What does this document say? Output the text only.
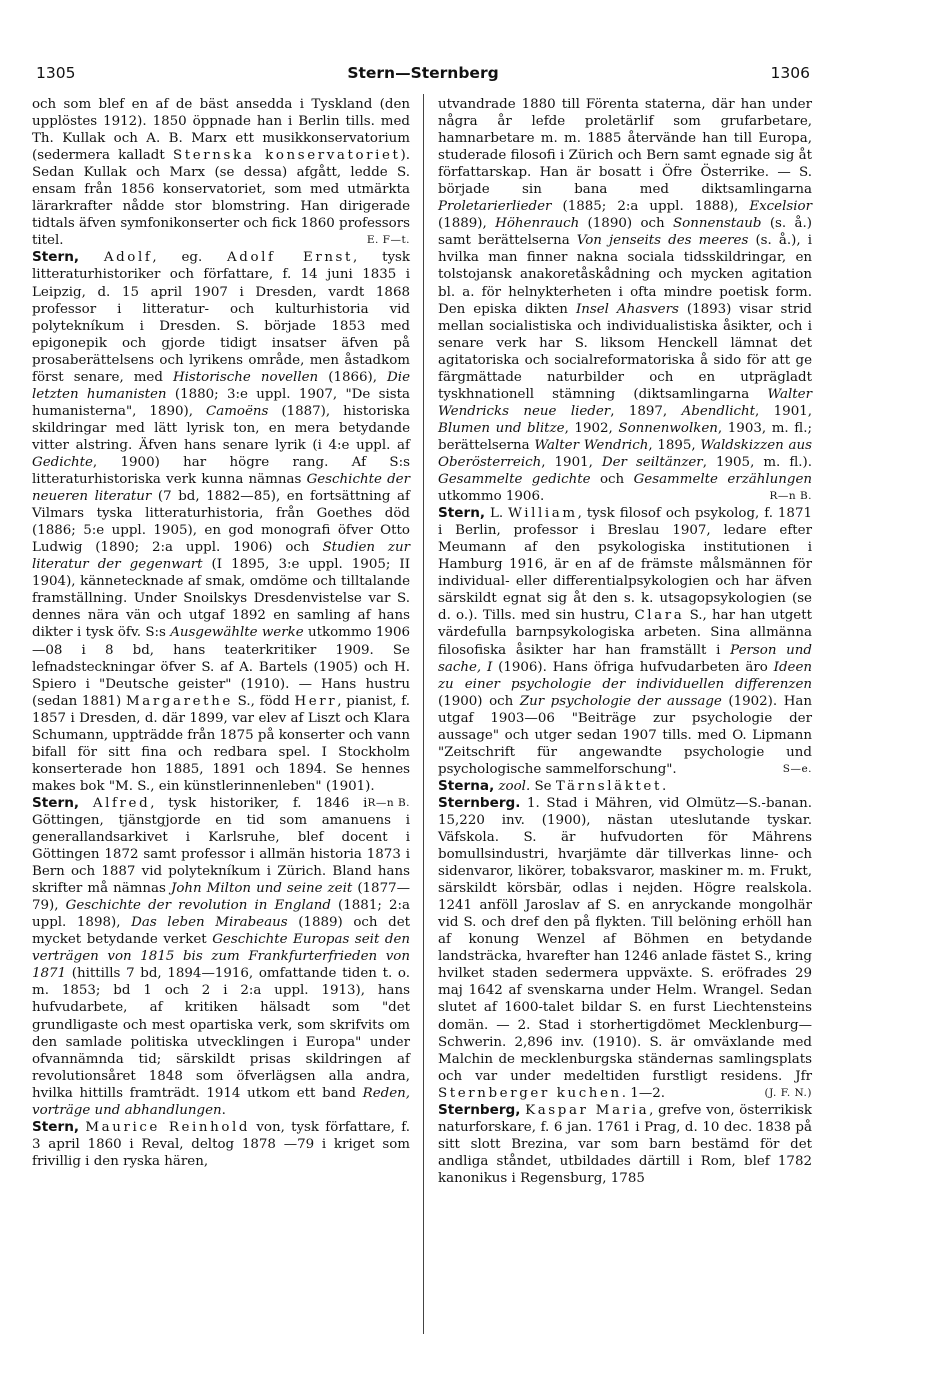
1305	Stern—Sternberg	1306

och som blef en af de bäst ansedda i Tyskland (den upplöstes 1912). 1850 öppnade han i Berlin tills. med Th. Kullak och A. B. Marx ett musikkonservatorium (sedermera kalladt Sternska konservatoriet). Sedan Kullak och Marx (se dessa) afgått, ledde S. ensam från 1856 konservatoriet, som med utmärkta lärarkrafter nådde stor blomstring. Han dirigerade tidtals äfven symfonikonserter och fick 1860 professors titel.	E. F—t.

Stern, Adolf, eg. Adolf Ernst, tysk litteraturhistoriker och författare, f. 14 juni 1835 i Leipzig, d. 15 april 1907 i Dresden, vardt 1868 professor i litteratur- och kulturhistoria vid polytekníkum i Dresden. S. började 1853 med epigonepik och gjorde tidigt insatser äfven på prosaberättelsens och lyrikens område, men åstadkom först senare, med Historische novellen (1866), Die letzten humanisten (1880; 3:e uppl. 1907, "De sista humanisterna", 1890), Camoëns (1887), historiska skildringar med lätt lyrisk ton, en mera betydande vitter alstring. Äfven hans senare lyrik (i 4:e uppl. af Gedichte, 1900) har högre rang. Af S:s litteraturhistoriska verk kunna nämnas Geschichte der neueren literatur (7 bd, 1882—85), en fortsättning af Vilmars tyska litteraturhistoria, från Goethes död (1886; 5:e uppl. 1905), en god monografi öfver Otto Ludwig (1890; 2:a uppl. 1906) och Studien zur literatur der gegenwart (I 1895, 3:e uppl. 1905; II 1904), kännetecknade af smak, omdöme och tilltalande framställning. Under Snoilskys Dresdenvistelse var S. dennes nära vän och utgaf 1892 en samling af hans dikter i tysk öfv. S:s Ausgewählte werke utkommo 1906—08 i 8 bd, hans teaterkritiker 1909. Se lefnadsteckningar öfver S. af A. Bartels (1905) och H. Spiero i "Deutsche geister" (1910). — Hans hustru (sedan 1881) Margarethe S., född Herr, pianist, f. 1857 i Dresden, d. där 1899, var elev af Liszt och Klara Schumann, uppträdde från 1875 på konserter och vann bifall för sitt fina och redbara spel. I Stockholm konserterade hon 1885, 1891 och 1894. Se hennes makes bok "M. S., ein künstlerinnenleben" (1901).
R—n B.

Stern, Alfred, tysk historiker, f. 1846 i Göttingen, tjänstgjorde en tid som amanuens i generallandsarkivet i Karlsruhe, blef docent i Göttingen 1872 samt professor i allmän historia 1873 i Bern och 1887 vid polytekníkum i Zürich. Bland hans skrifter må nämnas John Milton und seine zeit (1877—79), Geschichte der revolution in England (1881; 2:a uppl. 1898), Das leben Mirabeaus (1889) och det mycket betydande verket Geschichte Europas seit den verträgen von 1815 bis zum Frankfurterfrieden von 1871 (hittills 7 bd, 1894—1916, omfattande tiden t. o. m. 1853; bd 1 och 2 i 2:a uppl. 1913), hans hufvudarbete, af kritiken hälsadt som "det grundligaste och mest opartiska verk, som skrifvits om den samlade politiska utvecklingen i Europa" under ofvannämnda tid; särskildt prisas skildringen af revolutionsåret 1848 som öfverlägsen alla andra, hvilka hittills framträdt. 1914 utkom ett band Reden, vorträge und abhandlungen.

Stern, Maurice Reinhold von, tysk författare, f. 3 april 1860 i Reval, deltog 1878 —79 i kriget som frivillig i den ryska hären,

utvandrade 1880 till Förenta staterna, där han under några år lefde proletärlif som grufarbetare, hamnarbetare m. m. 1885 återvände han till Europa, studerade filosofi i Zürich och Bern samt egnade sig åt författarskap. Han är bosatt i Öfre Österrike. — S. började sin bana med diktsamlingarna Proletarierlieder (1885; 2:a uppl. 1888), Excelsior (1889), Höhenrauch (1890) och Sonnenstaub (s. å.) samt berättelserna Von jenseits des meeres (s. å.), i hvilka man finner nakna sociala tidsskildringar, en tolstojansk anakoretåskådning och mycken agitation bl. a. för helnykterheten i ofta mindre poetisk form. Den episka dikten Insel Ahasvers (1893) visar strid mellan socialistiska och individualistiska åsikter, och i senare verk har S. liksom Henckell lämnat det agitatoriska och socialreformatoriska å sido för att ge färgmättade naturbilder och en utprägladt tyskhnationell stämning (diktsamlingarna Walter Wendricks neue lieder, 1897, Abendlicht, 1901, Blumen und blitze, 1902, Sonnenwolken, 1903, m. fl.; berättelserna Walter Wendrich, 1895, Waldskizzen aus Oberösterreich, 1901, Der seiltänzer, 1905, m. fl.). Gesammelte gedichte och Gesammelte erzählungen utkommo 1906.	R—n B.

Stern, L. William, tysk filosof och psykolog, f. 1871 i Berlin, professor i Breslau 1907, ledare efter Meumann af den psykologiska institutionen i Hamburg 1916, är en af de främste målsmännen för individual- eller differentialpsykologien och har äfven särskildt egnat sig åt den s. k. utsagopsykologien (se d. o.). Tills. med sin hustru, Clara S., har han utgett värdefulla barnpsykologiska arbeten. Sina allmänna filosofiska åsikter har han framställt i Person und sache, I (1906). Hans öfriga hufvudarbeten äro Ideen zu einer psychologie der individuellen differenzen (1900) och Zur psychologie der aussage (1902). Han utgaf 1903—06 "Beiträge zur psychologie der aussage" och utger sedan 1907 tills. med O. Lipmann "Zeitschrift für angewandte psychologie und psychologische sammelforschung".	S—e.

Sterna, zool. Se Tärnsläktet.

Sternberg. 1. Stad i Mähren, vid Olmütz—S.-banan. 15,220 inv. (1900), nästan uteslutande tyskar. Väfskola. S. är hufvudorten för Mährens bomullsindustri, hvarjämte där tillverkas linne- och sidenvaror, likörer, tobaksvaror, maskiner m. m. Frukt, särskildt körsbär, odlas i nejden. Högre realskola. 1241 anföll Jaroslav af S. en anryckande mongolhär vid S. och dref den på flykten. Till belöning erhöll han af konung Wenzel af Böhmen en betydande landsträcka, hvarefter han 1246 anlade fästet S., kring hvilket staden sedermera uppväxte. S. eröfrades 29 maj 1642 af svenskarna under Helm. Wrangel. Sedan slutet af 1600-talet bildar S. en furst Liechtensteins domän. — 2. Stad i storhertigdömet Mecklenburg—Schwerin. 2,896 inv. (1910). S. är omväxlande med Malchin de mecklenburgska ständernas samlingsplats och var under medeltiden furstligt residens. Jfr Sternberger kuchen. 1—2.	(J. F. N.)

Sternberg, Kaspar Maria, grefve von, österrikisk naturforskare, f. 6 jan. 1761 i Prag, d. 10 dec. 1838 på sitt slott Brezina, var som barn bestämd för det andliga ståndet, utbildades därtill i Rom, blef 1782 kanonikus i Regensburg, 1785
